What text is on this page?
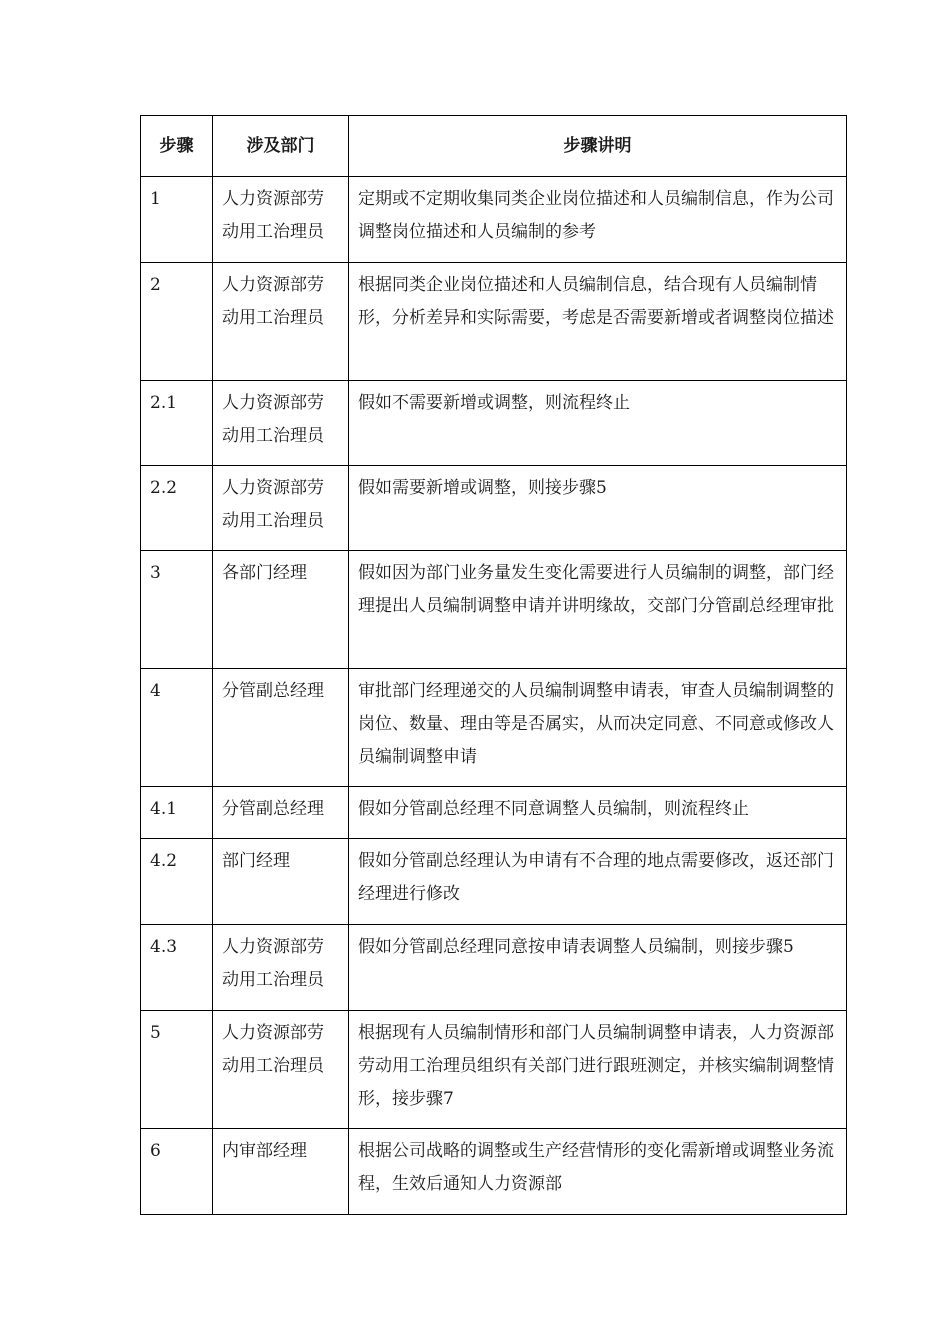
步骤	涉及部门	步骤讲明
1	人力资源部劳动用工治理员	定期或不定期收集同类企业岗位描述和人员编制信息，作为公司调整岗位描述和人员编制的参考
2	人力资源部劳动用工治理员	根据同类企业岗位描述和人员编制信息，结合现有人员编制情形，分析差异和实际需要，考虑是否需要新增或者调整岗位描述
2.1	人力资源部劳动用工治理员	假如不需要新增或调整，则流程终止
2.2	人力资源部劳动用工治理员	假如需要新增或调整，则接步骤5
3	各部门经理	假如因为部门业务量发生变化需要进行人员编制的调整，部门经理提出人员编制调整申请并讲明缘故，交部门分管副总经理审批
4	分管副总经理	审批部门经理递交的人员编制调整申请表，审查人员编制调整的岗位、数量、理由等是否属实，从而决定同意、不同意或修改人员编制调整申请
4.1	分管副总经理	假如分管副总经理不同意调整人员编制，则流程终止
4.2	部门经理	假如分管副总经理认为申请有不合理的地点需要修改，返还部门经理进行修改
4.3	人力资源部劳动用工治理员	假如分管副总经理同意按申请表调整人员编制，则接步骤5
5	人力资源部劳动用工治理员	根据现有人员编制情形和部门人员编制调整申请表，人力资源部劳动用工治理员组织有关部门进行跟班测定，并核实编制调整情形，接步骤7
6	内审部经理	根据公司战略的调整或生产经营情形的变化需新增或调整业务流程，生效后通知人力资源部
